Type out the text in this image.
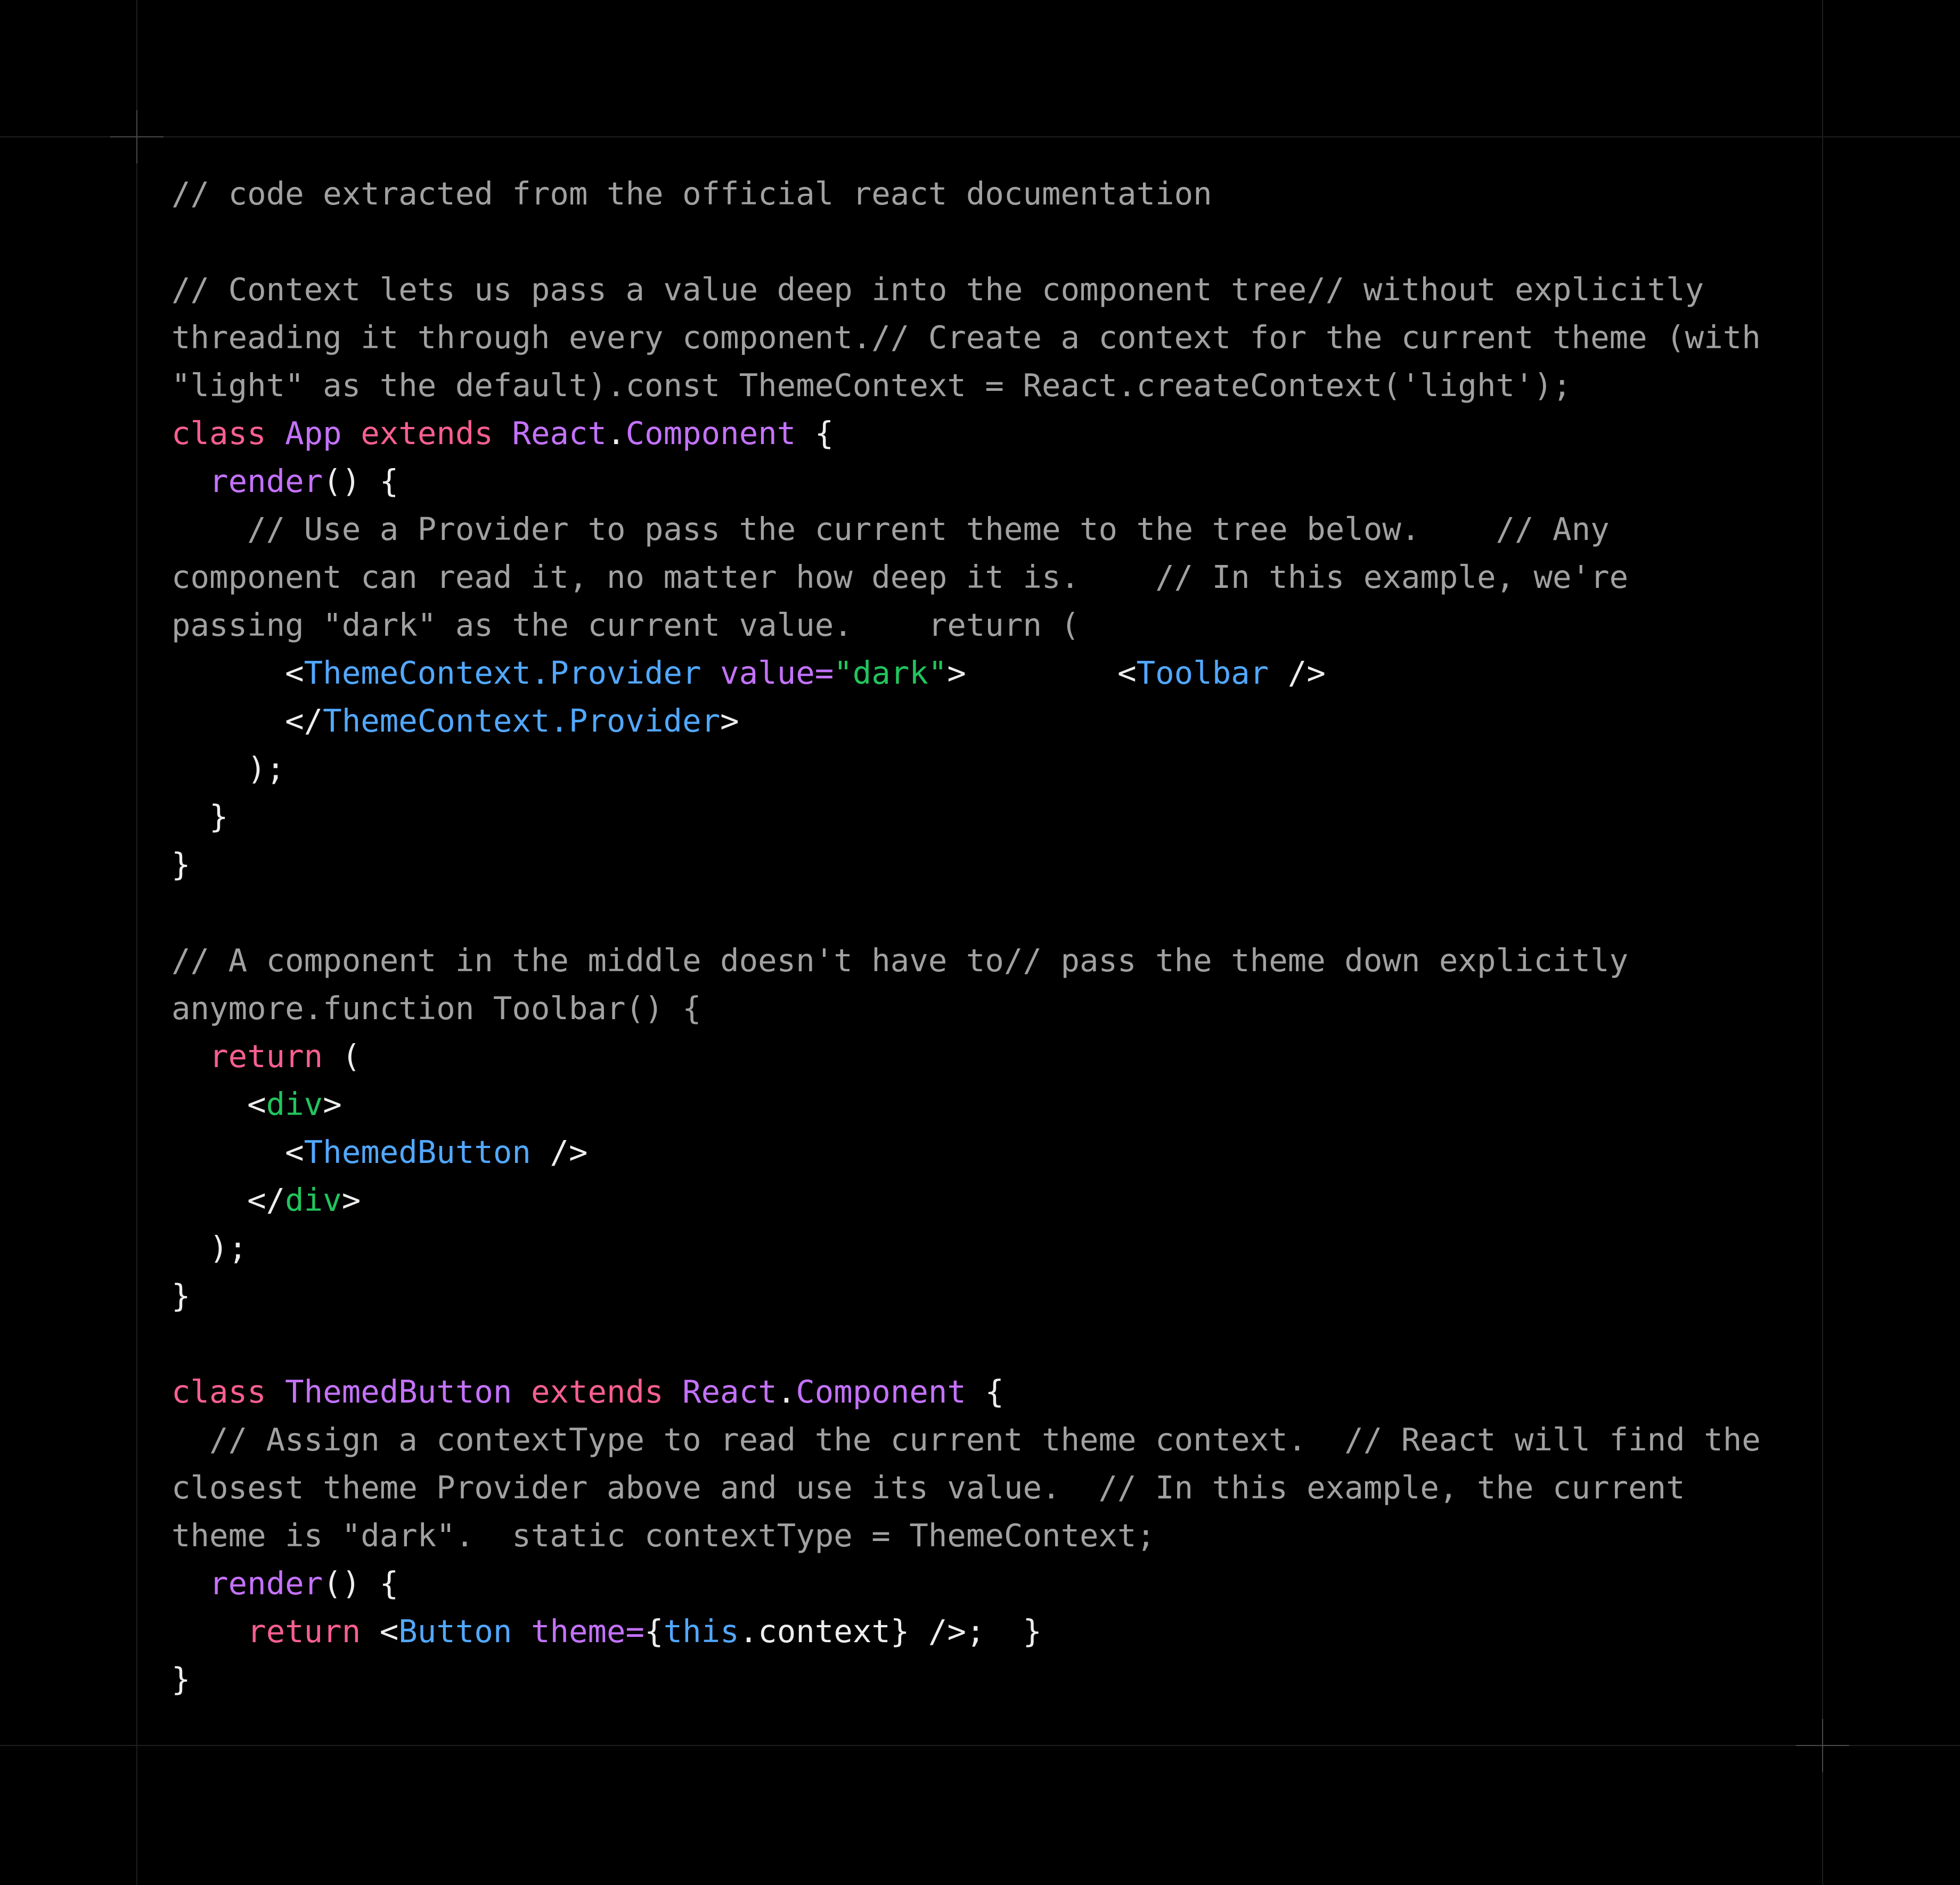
// code extracted from the official react documentation
// Context lets us pass a value deep into the component tree// without explicitly
threading it through every component.// Create a context for the current theme (with
"light" as the default).const ThemeContext = React.createContext('light');
class App extends React.Component {
render() {
// Use a Provider to pass the current theme to the tree below.    // Any
component can read it, no matter how deep it is.    // In this example, we're
passing "dark" as the current value.    return (
<ThemeContext.Provider value="dark">        <Toolbar />
</ThemeContext.Provider>
);
}
}
// A component in the middle doesn't have to// pass the theme down explicitly
anymore.function Toolbar() {
return (
<div>
<ThemedButton />
</div>
);
}
class ThemedButton extends React.Component {
// Assign a contextType to read the current theme context.  // React will find the
closest theme Provider above and use its value.  // In this example, the current
theme is "dark".  static contextType = ThemeContext;
render() {
return <Button theme={this.context} />;  }
}
